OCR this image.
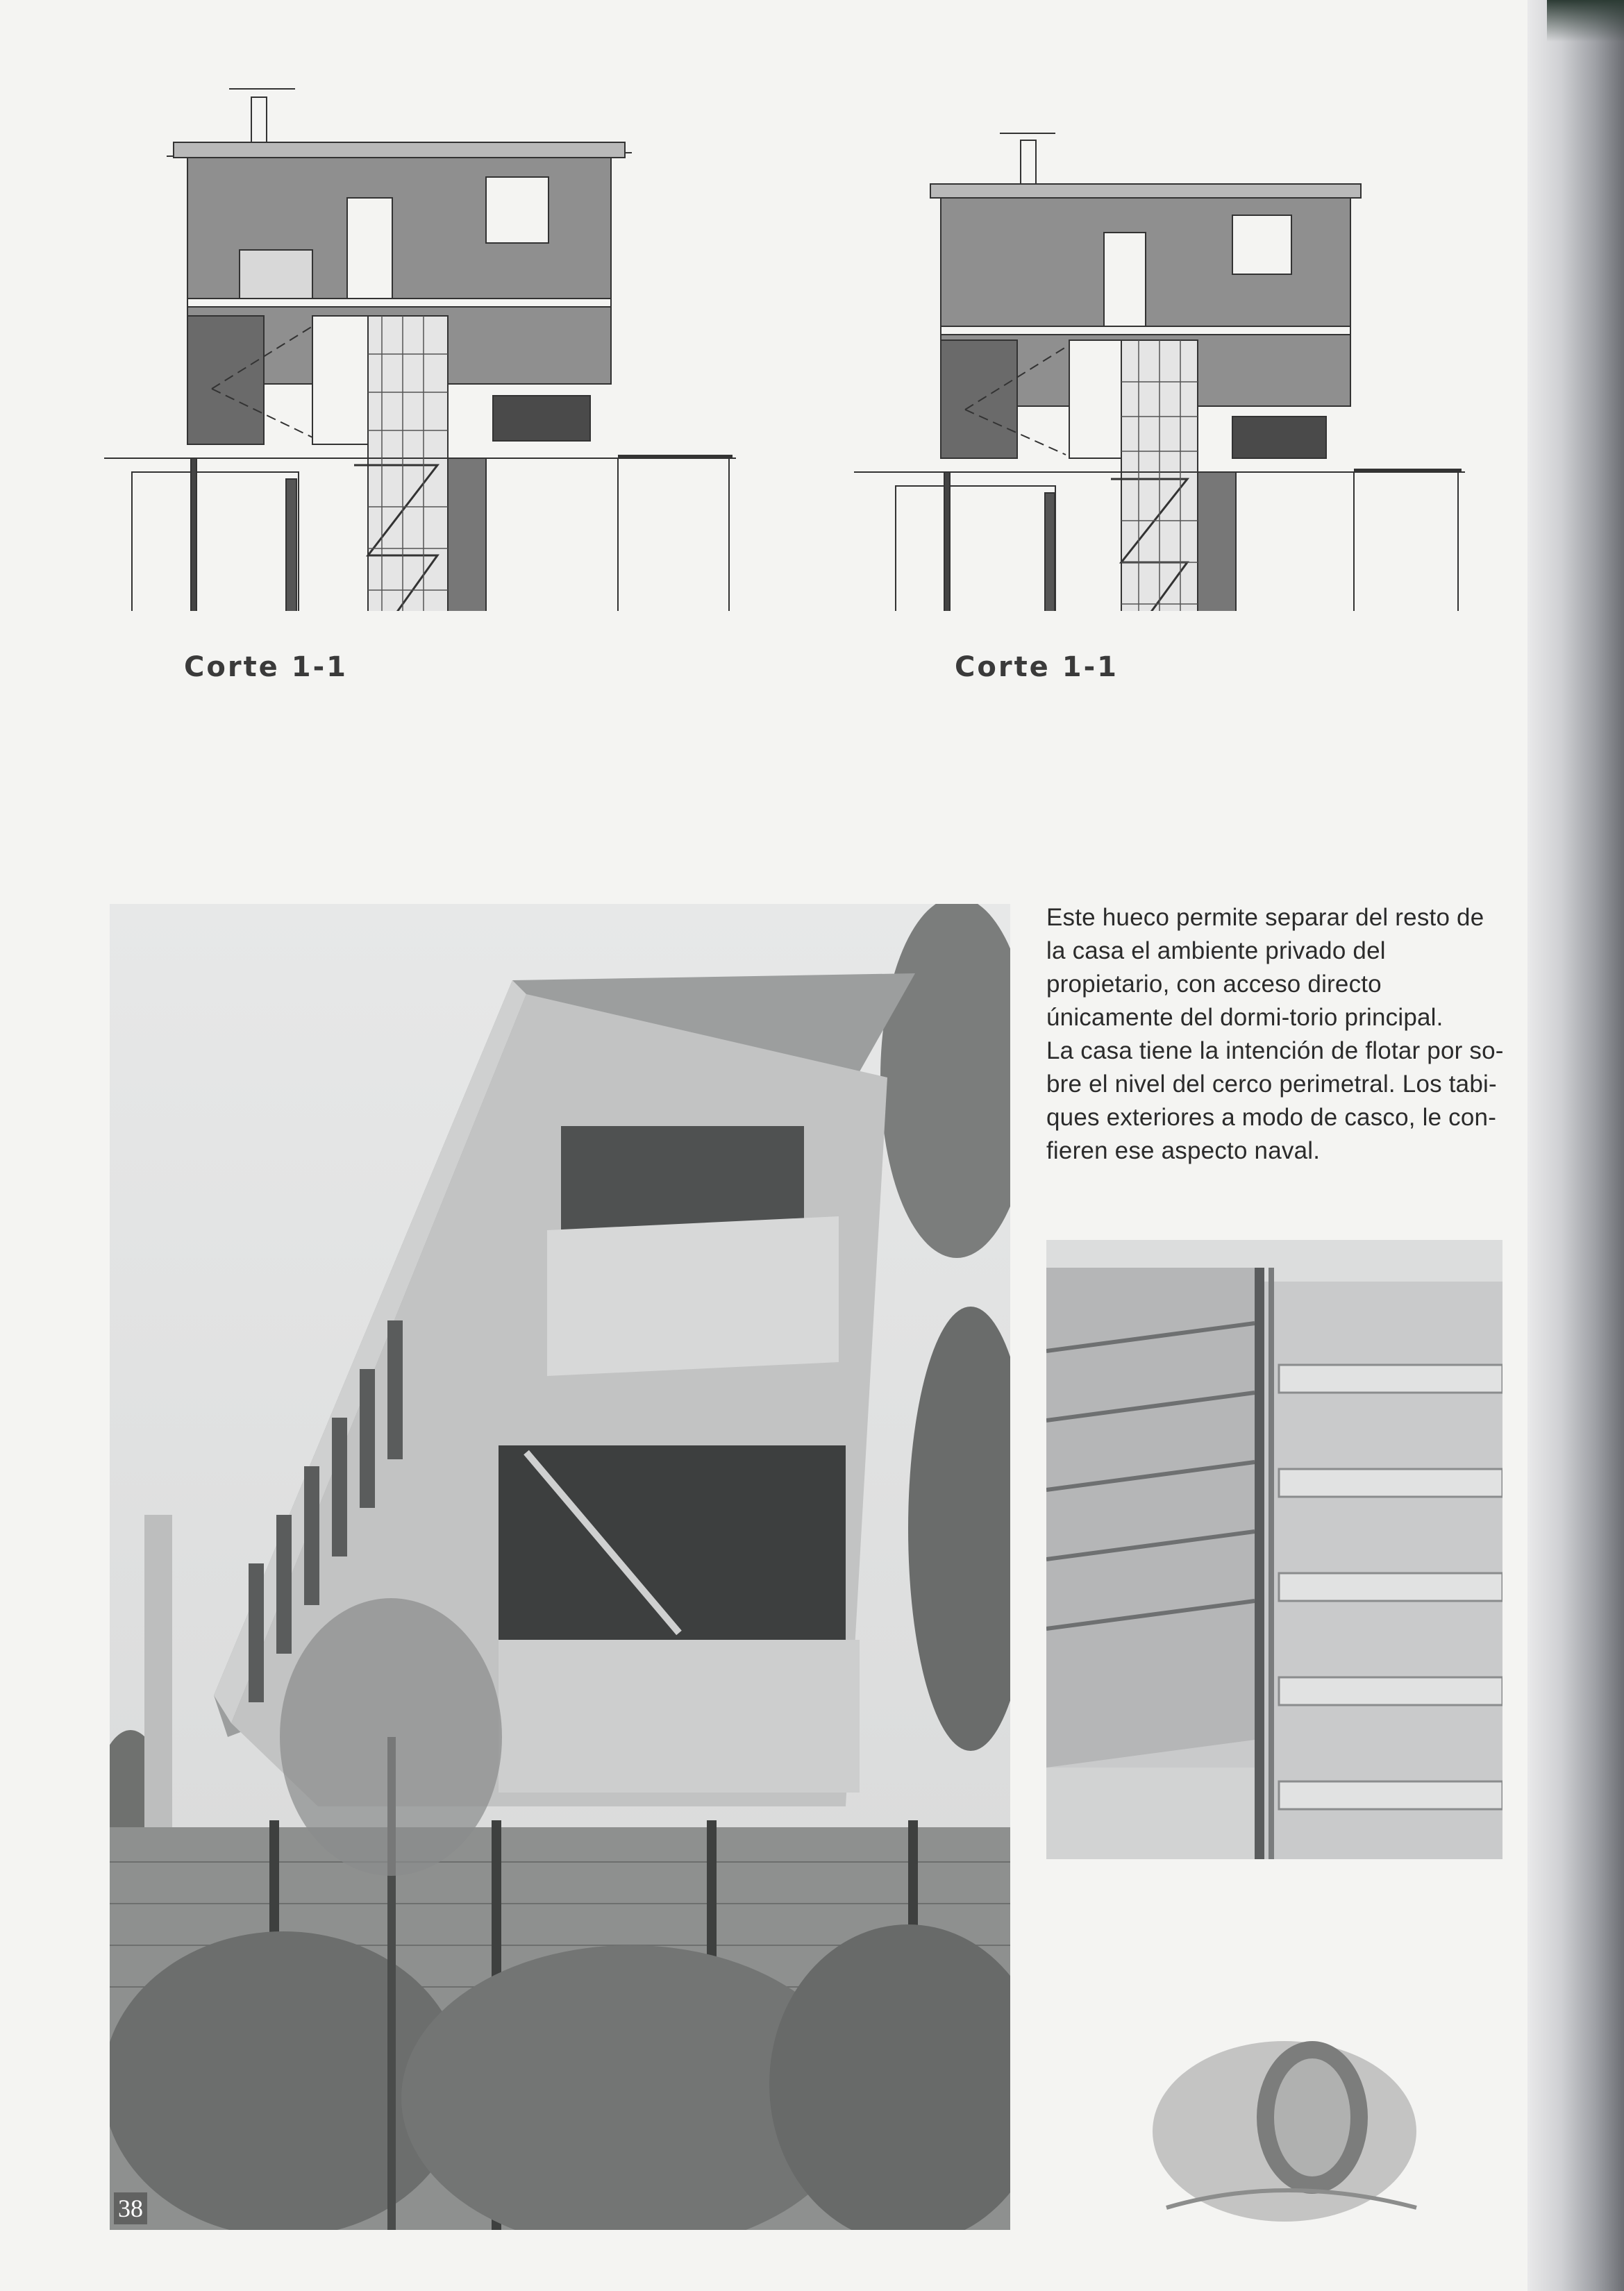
Corte 1-1	Corte 1-1

Este hueco permite separar del resto de la casa el ambiente privado del propietario, con acceso directo únicamente del dormi-torio principal.

La casa tiene la intención de flotar por so-bre el nivel del cerco perimetral. Los tabi-ques exteriores a modo de casco, le con-fieren ese aspecto naval.

38
